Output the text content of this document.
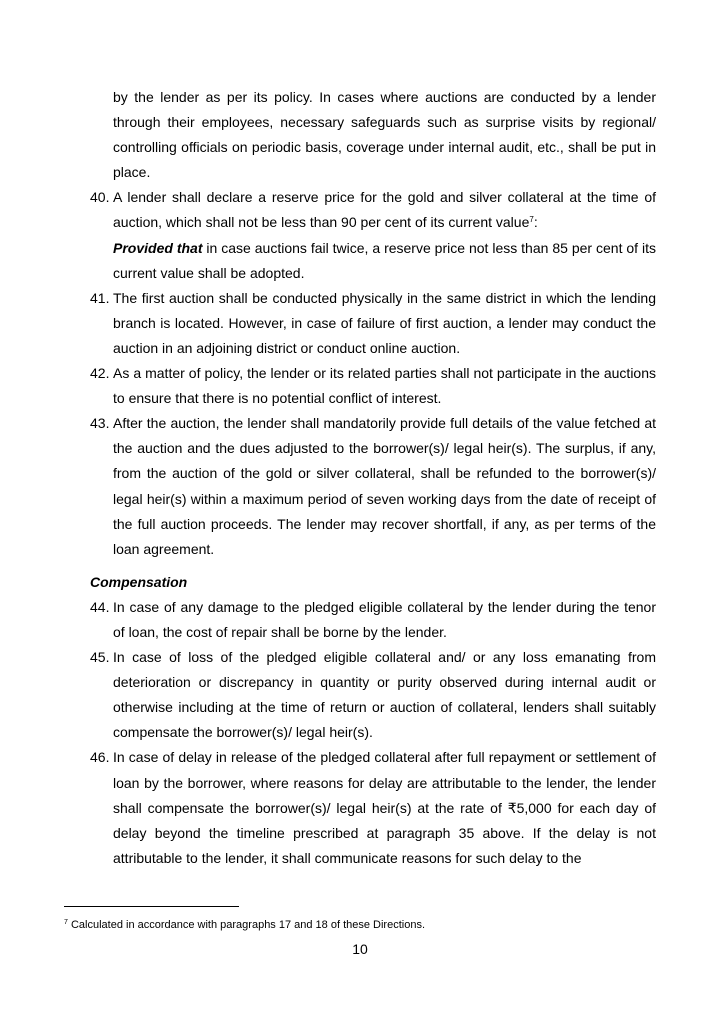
by the lender as per its policy. In cases where auctions are conducted by a lender through their employees, necessary safeguards such as surprise visits by regional/ controlling officials on periodic basis, coverage under internal audit, etc., shall be put in place.

40. A lender shall declare a reserve price for the gold and silver collateral at the time of auction, which shall not be less than 90 per cent of its current value$^7$:

Provided that in case auctions fail twice, a reserve price not less than 85 per cent of its current value shall be adopted.

41. The first auction shall be conducted physically in the same district in which the lending branch is located. However, in case of failure of first auction, a lender may conduct the auction in an adjoining district or conduct online auction.

42. As a matter of policy, the lender or its related parties shall not participate in the auctions to ensure that there is no potential conflict of interest.

43. After the auction, the lender shall mandatorily provide full details of the value fetched at the auction and the dues adjusted to the borrower(s)/ legal heir(s). The surplus, if any, from the auction of the gold or silver collateral, shall be refunded to the borrower(s)/ legal heir(s) within a maximum period of seven working days from the date of receipt of the full auction proceeds. The lender may recover shortfall, if any, as per terms of the loan agreement.

Compensation

44. In case of any damage to the pledged eligible collateral by the lender during the tenor of loan, the cost of repair shall be borne by the lender.

45. In case of loss of the pledged eligible collateral and/ or any loss emanating from deterioration or discrepancy in quantity or purity observed during internal audit or otherwise including at the time of return or auction of collateral, lenders shall suitably compensate the borrower(s)/ legal heir(s).

46. In case of delay in release of the pledged collateral after full repayment or settlement of loan by the borrower, where reasons for delay are attributable to the lender, the lender shall compensate the borrower(s)/ legal heir(s) at the rate of ₹5,000 for each day of delay beyond the timeline prescribed at paragraph 35 above. If the delay is not attributable to the lender, it shall communicate reasons for such delay to the

$^7$ Calculated in accordance with paragraphs 17 and 18 of these Directions.
10
